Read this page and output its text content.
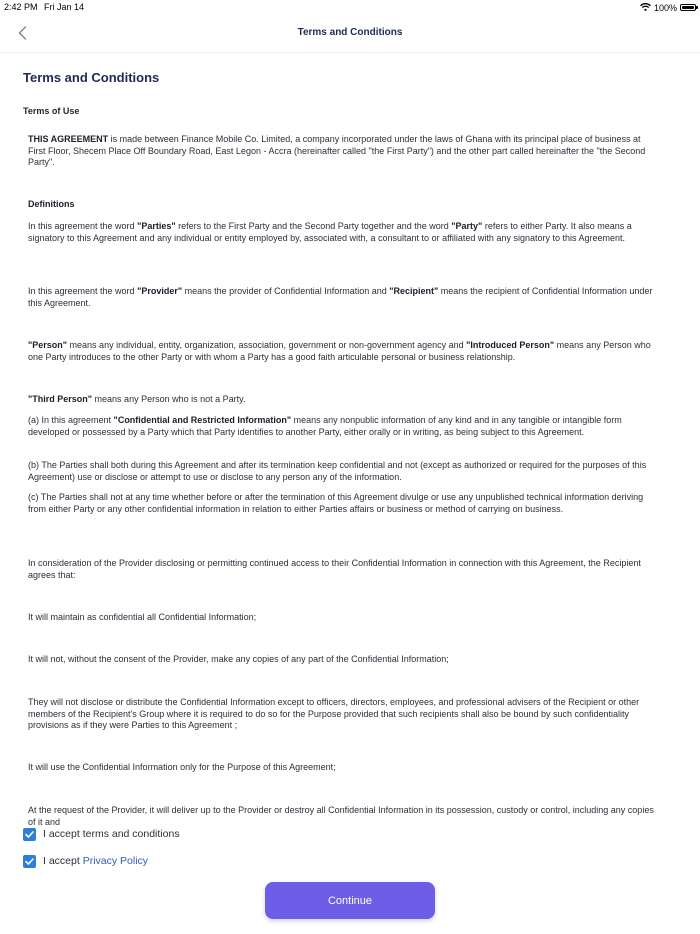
2:42 PM Fri Jan 14	100%
Terms and Conditions
Terms and Conditions
Terms of Use

THIS AGREEMENT is made between Finance Mobile Co. Limited, a company incorporated under the laws of Ghana with its principal place of business at First Floor, Shecem Place Off Boundary Road, East Legon - Accra (hereinafter called "the First Party") and the other part called hereinafter the "the Second Party".

Definitions

In this agreement the word "Parties" refers to the First Party and the Second Party together and the word "Party" refers to either Party. It also means a signatory to this Agreement and any individual or entity employed by, associated with, a consultant to or affiliated with any signatory to this Agreement.

In this agreement the word "Provider" means the provider of Confidential Information and "Recipient" means the recipient of Confidential Information under this Agreement.

"Person" means any individual, entity, organization, association, government or non-government agency and "Introduced Person" means any Person who one Party introduces to the other Party or with whom a Party has a good faith articulable personal or business relationship.

"Third Person" means any Person who is not a Party.

(a) In this agreement "Confidential and Restricted Information" means any nonpublic information of any kind and in any tangible or intangible form developed or possessed by a Party which that Party identifies to another Party, either orally or in writing, as being subject to this Agreement.

(b) The Parties shall both during this Agreement and after its termination keep confidential and not (except as authorized or required for the purposes of this Agreement) use or disclose or attempt to use or disclose to any person any of the information.

(c) The Parties shall not at any time whether before or after the termination of this Agreement divulge or use any unpublished technical information deriving from either Party or any other confidential information in relation to either Parties affairs or business or method of carrying on business.

In consideration of the Provider disclosing or permitting continued access to their Confidential Information in connection with this Agreement, the Recipient agrees that:

It will maintain as confidential all Confidential Information;

It will not, without the consent of the Provider, make any copies of any part of the Confidential Information;

They will not disclose or distribute the Confidential Information except to officers, directors, employees, and professional advisers of the Recipient or other members of the Recipient's Group where it is required to do so for the Purpose provided that such recipients shall also be bound by such confidentiality provisions as if they were Parties to this Agreement ;

It will use the Confidential Information only for the Purpose of this Agreement;

At the request of the Provider, it will deliver up to the Provider or destroy all Confidential Information in its possession, custody or control, including any copies of it and

I accept terms and conditions
I accept Privacy Policy
Continue
